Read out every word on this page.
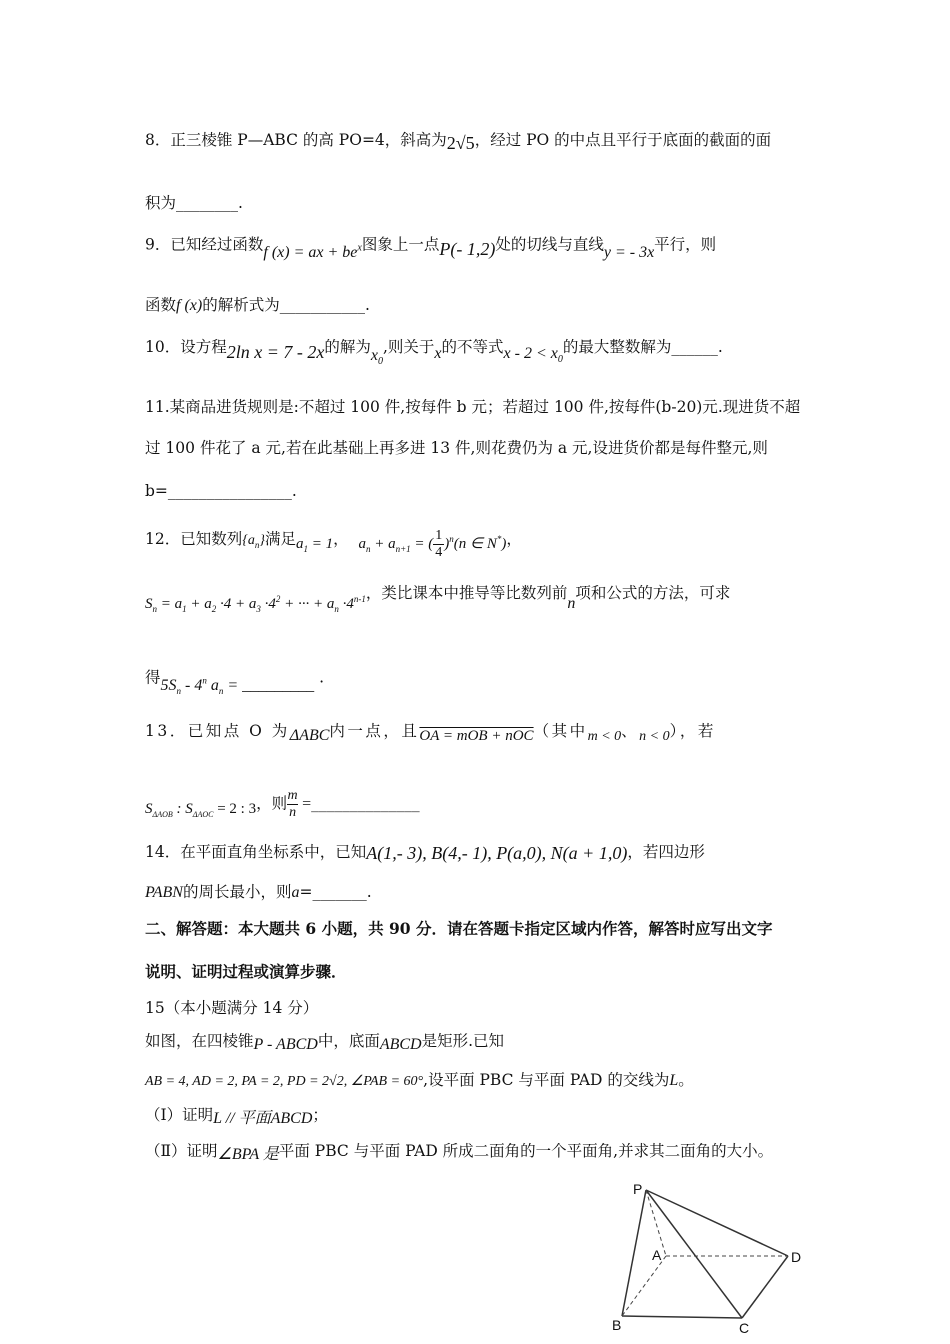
8．正三棱锥 P—ABC 的高 PO=4，斜高为2√5，经过 PO 的中点且平行于底面的截面的面
积为________.
9．已知经过函数f (x) = ax + $be^x$图象上一点P(- 1,2)处的切线与直线y = - 3x平行，则
函数f (x)的解析式为___________.
10．设方程2ln x = 7 - 2x的解为$x_0$,则关于x的不等式$x - 2 < x_0$的最大整数解为______.
11.某商品进货规则是:不超过 100 件,按每件 b 元；若超过 100 件,按每件(b-20)元.现进货不超
过 100 件花了 a 元,若在此基础上再多进 13 件,则花费仍为 a 元,设进货价都是每件整元,则
b=________________.
12．已知数列$\{a_n\}$满足$a_1 = 1$， $a_n + a_{n+1}$ = ( $\frac{1}{4} )^n(n$ ∈ N*)，
$S_n = a_1 + a_2 \cdot 4 + a_3 \cdot 4^2$ + ··· + $a_n \cdot 4^{n-1}$，类比课本中推导等比数列前n项和公式的方法，可求
得$5S_n - 4^n$ $a_n$ = _________ .
13．已知点 O 为ΔABC内一点，且OA = mOB + nOC（其中m < 0、n < 0），若
$S_{\Delta AOB}$ : $S_{\Delta AOC} = 2$ : 3，则 $\frac{m}{n}$ =______________
14．在平面直角坐标系中，已知A(1,- 3), B(4,- 1), P(a,0), N(a + 1,0)，若四边形
PABN的周长最小，则a=_______.
二、解答题：本大题共 6 小题，共 90 分．请在答题卡指定区域内作答，解答时应写出文字
说明、证明过程或演算步骤．
15（本小题满分 14 分）
如图，在四棱锥P - ABCD中，底面ABCD是矩形.已知
AB = 4, AD = 2, PA = 2, PD = 2√2, ∠PAB = 60°,设平面 PBC 与平面 PAD 的交线为L。
（Ⅰ）证明L // 平面ABCD；
（Ⅱ）证明∠BPA 是平面 PBC 与平面 PAD 所成二面角的一个平面角,并求其二面角的大小。
P
A	D
B	C
